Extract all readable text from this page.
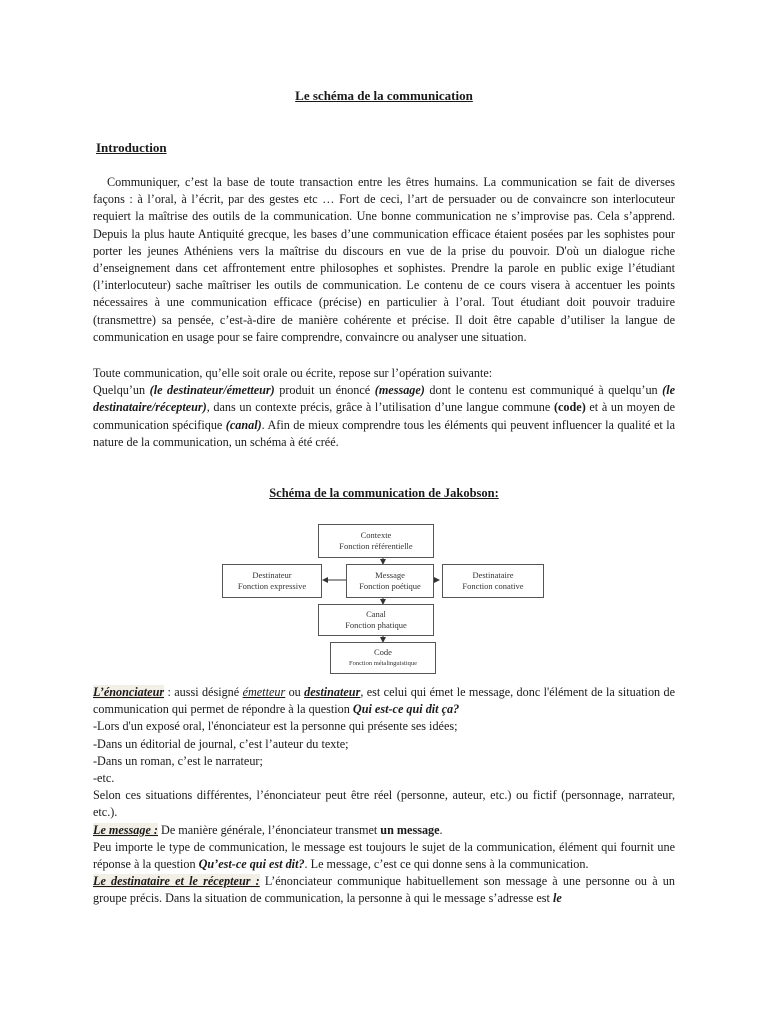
Le schéma de la communication
Introduction
Communiquer, c’est la base de toute transaction entre les êtres humains. La communication se fait de diverses façons : à l’oral, à l’écrit, par des gestes etc … Fort de ceci, l’art de persuader ou de convaincre son interlocuteur requiert la maîtrise des outils de la communication. Une bonne communication ne s’improvise pas. Cela s’apprend. Depuis la plus haute Antiquité grecque, les bases d’une communication efficace étaient posées par les sophistes pour porter les jeunes Athéniens vers la maîtrise du discours en vue de la prise du pouvoir. D'où un dialogue riche d’enseignement dans cet affrontement entre philosophes et sophistes. Prendre la parole en public exige l’étudiant (l’interlocuteur) sache maîtriser les outils de communication. Le contenu de ce cours visera à accentuer les points nécessaires à une communication efficace (précise) en particulier à l’oral. Tout étudiant doit pouvoir traduire (transmettre) sa pensée, c’est-à-dire de manière cohérente et précise. Il doit être capable d’utiliser la langue de communication en usage pour se faire comprendre, convaincre ou analyser une situation.
Toute communication, qu’elle soit orale ou écrite, repose sur l’opération suivante:
Quelqu’un (le destinateur/émetteur) produit un énoncé (message) dont le contenu est communiqué à quelqu’un (le destinataire/récepteur), dans un contexte précis, grâce à l’utilisation d’une langue commune (code) et à un moyen de communication spécifique (canal). Afin de mieux comprendre tous les éléments qui peuvent influencer la qualité et la nature de la communication, un schéma à été créé.
Schéma de la communication de Jakobson:
Contexte
Fonction référentielle
Destinateur
Fonction expressive
Message
Fonction poétique
Destinataire
Fonction conative
Canal
Fonction phatique
Code
Fonction métalinguistique
L’énonciateur : aussi désigné émetteur ou destinateur, est celui qui émet le message, donc l'élément de la situation de communication qui permet de répondre à la question Qui est-ce qui dit ça?
-Lors d'un exposé oral, l'énonciateur est la personne qui présente ses idées;
-Dans un éditorial de journal, c’est l’auteur du texte;
-Dans un roman, c’est le narrateur;
-etc.
Selon ces situations différentes, l’énonciateur peut être réel (personne, auteur, etc.) ou fictif (personnage, narrateur, etc.).
Le message : De manière générale, l’énonciateur transmet un message.
Peu importe le type de communication, le message est toujours le sujet de la communication, élément qui fournit une réponse à la question Qu’est-ce qui est dit?. Le message, c’est ce qui donne sens à la communication.
Le destinataire et le récepteur : L’énonciateur communique habituellement son message à une personne ou à un groupe précis. Dans la situation de communication, la personne à qui le message s’adresse est le
